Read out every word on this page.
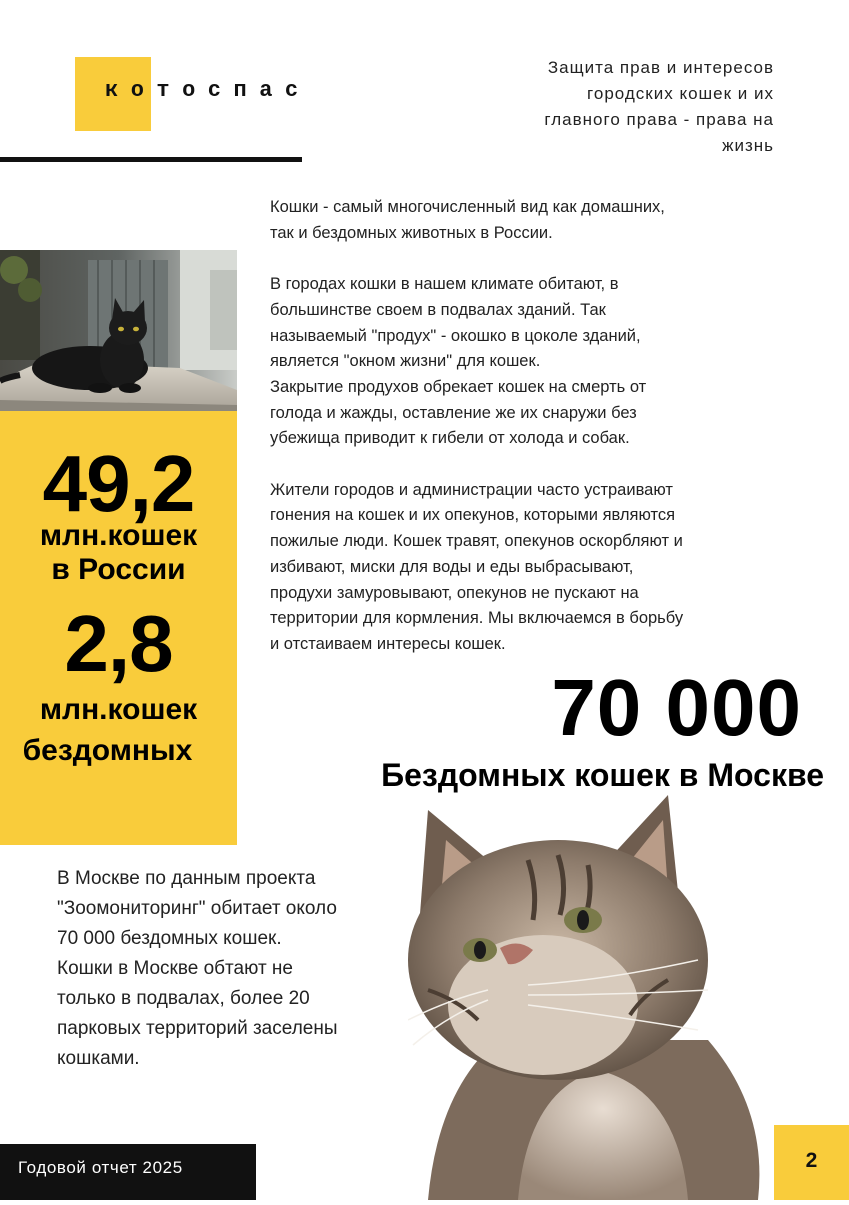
котоспас
Защита прав и интересов
городских кошек и их
главного права - права на
жизнь
49,2
млн.кошек
в России
2,8
млн.кошек
бездомных

Кошки - самый многочисленный вид как домашних,
так и бездомных животных в России.

В городах кошки в нашем климате обитают, в
большинстве своем в подвалах зданий. Так
называемый "продух" - окошко в цоколе зданий,
является "окном жизни" для кошек.
Закрытие продухов обрекает кошек на смерть от
голода и жажды, оставление же их снаружи без
убежища приводит к гибели от холода и собак.

Жители городов и администрации часто устраивают
гонения на кошек и их опекунов, которыми являются
пожилые люди. Кошек травят, опекунов оскорбляют и
избивают, миски для воды и еды выбрасывают,
продухи замуровывают, опекунов не пускают на
территории для кормления. Мы включаемся в борьбу
и отстаиваем интересы кошек.

70 000
Бездомных кошек в Москве
В Москве по данным проекта
"Зоомониторинг" обитает около
70 000 бездомных кошек.
Кошки в Москве обтают не
только в подвалах, более 20
парковых территорий заселены
кошками.
Годовой отчет 2025	2
